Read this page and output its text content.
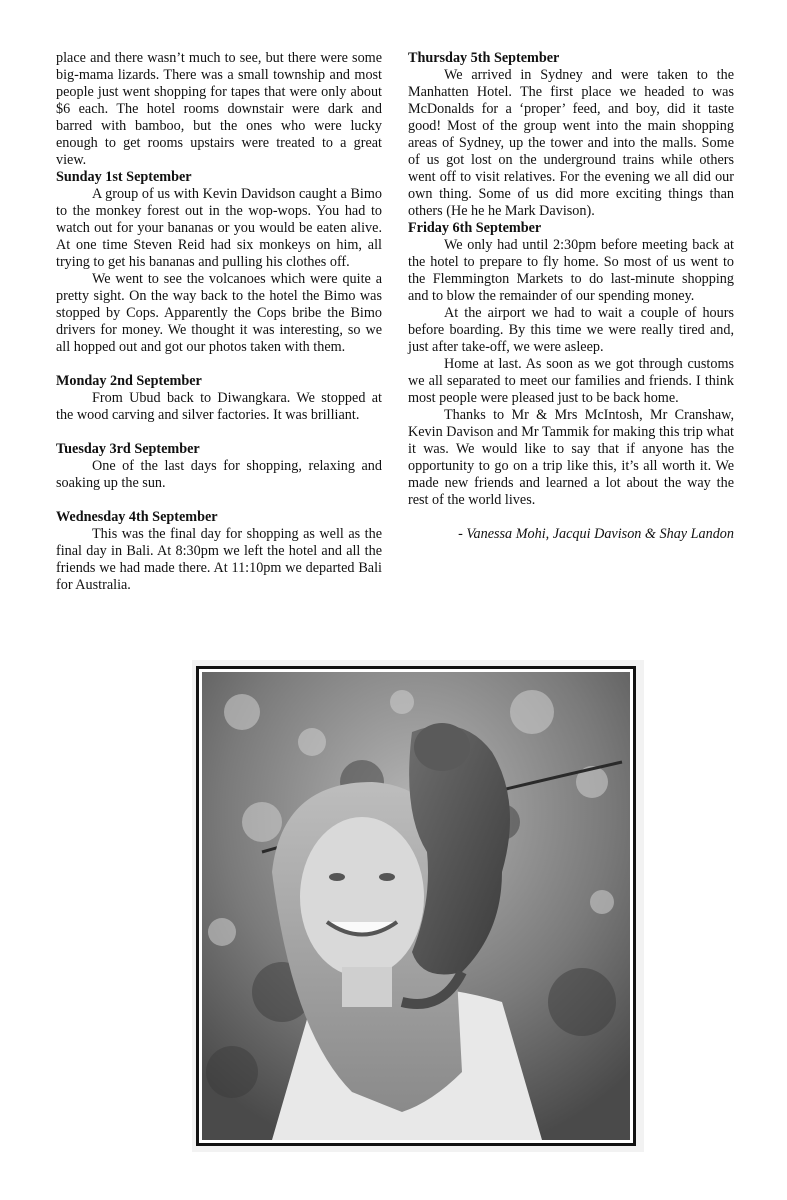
place and there wasn’t much to see, but there were some big-mama lizards. There was a small township and most people just went shopping for tapes that were only about $6 each. The hotel rooms downstair were dark and barred with bamboo, but the ones who were lucky enough to get rooms upstairs were treated to a great view.

Sunday 1st September

A group of us with Kevin Davidson caught a Bimo to the monkey forest out in the wop-wops. You had to watch out for your bananas or you would be eaten alive. At one time Steven Reid had six monkeys on him, all trying to get his bananas and pulling his clothes off.

We went to see the volcanoes which were quite a pretty sight. On the way back to the hotel the Bimo was stopped by Cops. Apparently the Cops bribe the Bimo drivers for money. We thought it was interesting, so we all hopped out and got our photos taken with them.

Monday 2nd September

From Ubud back to Diwangkara. We stopped at the wood carving and silver factories. It was brilliant.

Tuesday 3rd September

One of the last days for shopping, relaxing and soaking up the sun.

Wednesday 4th September

This was the final day for shopping as well as the final day in Bali. At 8:30pm we left the hotel and all the friends we had made there. At 11:10pm we departed Bali for Australia.

Thursday 5th September

We arrived in Sydney and were taken to the Manhatten Hotel. The first place we headed to was McDonalds for a ‘proper’ feed, and boy, did it taste good! Most of the group went into the main shopping areas of Sydney, up the tower and into the malls. Some of us got lost on the underground trains while others went off to visit relatives. For the evening we all did our own thing. Some of us did more exciting things than others (He he he Mark Davison).

Friday 6th September

We only had until 2:30pm before meeting back at the hotel to prepare to fly home. So most of us went to the Flemmington Markets to do last-minute shopping and to blow the remainder of our spending money.

At the airport we had to wait a couple of hours before boarding. By this time we were really tired and, just after take-off, we were asleep.

Home at last. As soon as we got through customs we all separated to meet our families and friends. I think most people were pleased just to be back home.

Thanks to Mr & Mrs McIntosh, Mr Cranshaw, Kevin Davison and Mr Tammik for making this trip what it was. We would like to say that if anyone has the opportunity to go on a trip like this, it’s all worth it. We made new friends and learned a lot about the way the rest of the world lives.

- Vanessa Mohi, Jacqui Davison & Shay Landon
